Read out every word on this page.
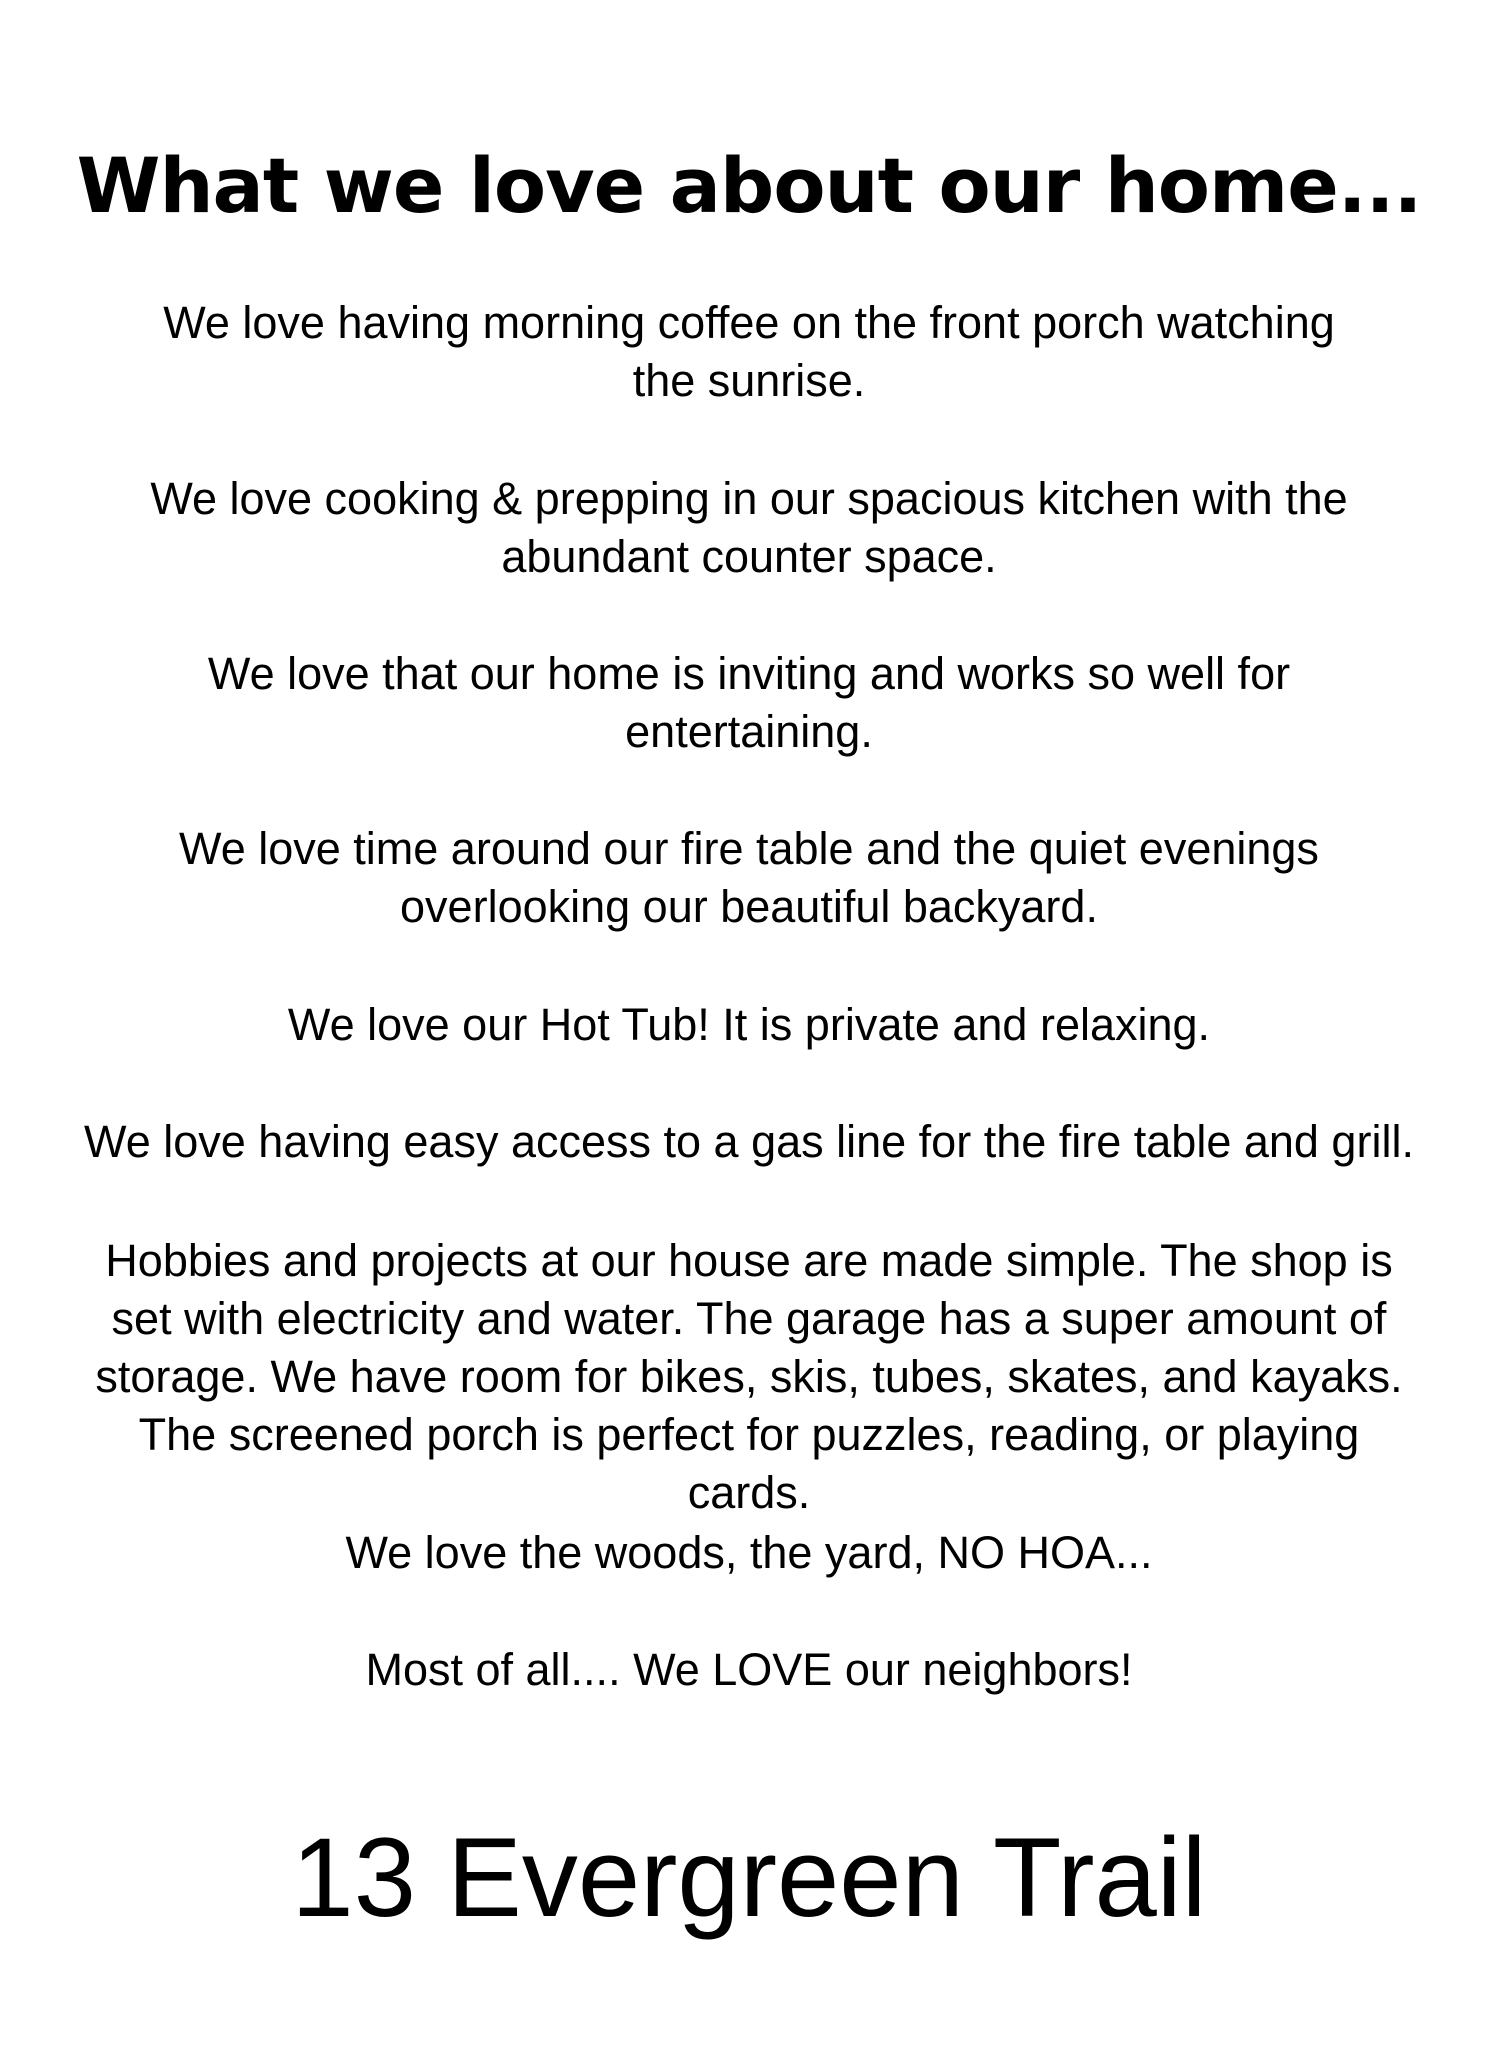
What we love about our home...
We love having morning coffee on the front porch watching
the sunrise.
We love cooking & prepping in our spacious kitchen with the
abundant counter space.
We love that our home is inviting and works so well for
entertaining.
We love time around our fire table and the quiet evenings
overlooking our beautiful backyard.
We love our Hot Tub! It is private and relaxing.
We love having easy access to a gas line for the fire table and grill.
Hobbies and projects at our house are made simple. The shop is
set with electricity and water. The garage has a super amount of
storage. We have room for bikes, skis, tubes, skates, and kayaks.
The screened porch is perfect for puzzles, reading, or playing
cards.
We love the woods, the yard, NO HOA...
Most of all.... We LOVE our neighbors!
13 Evergreen Trail
